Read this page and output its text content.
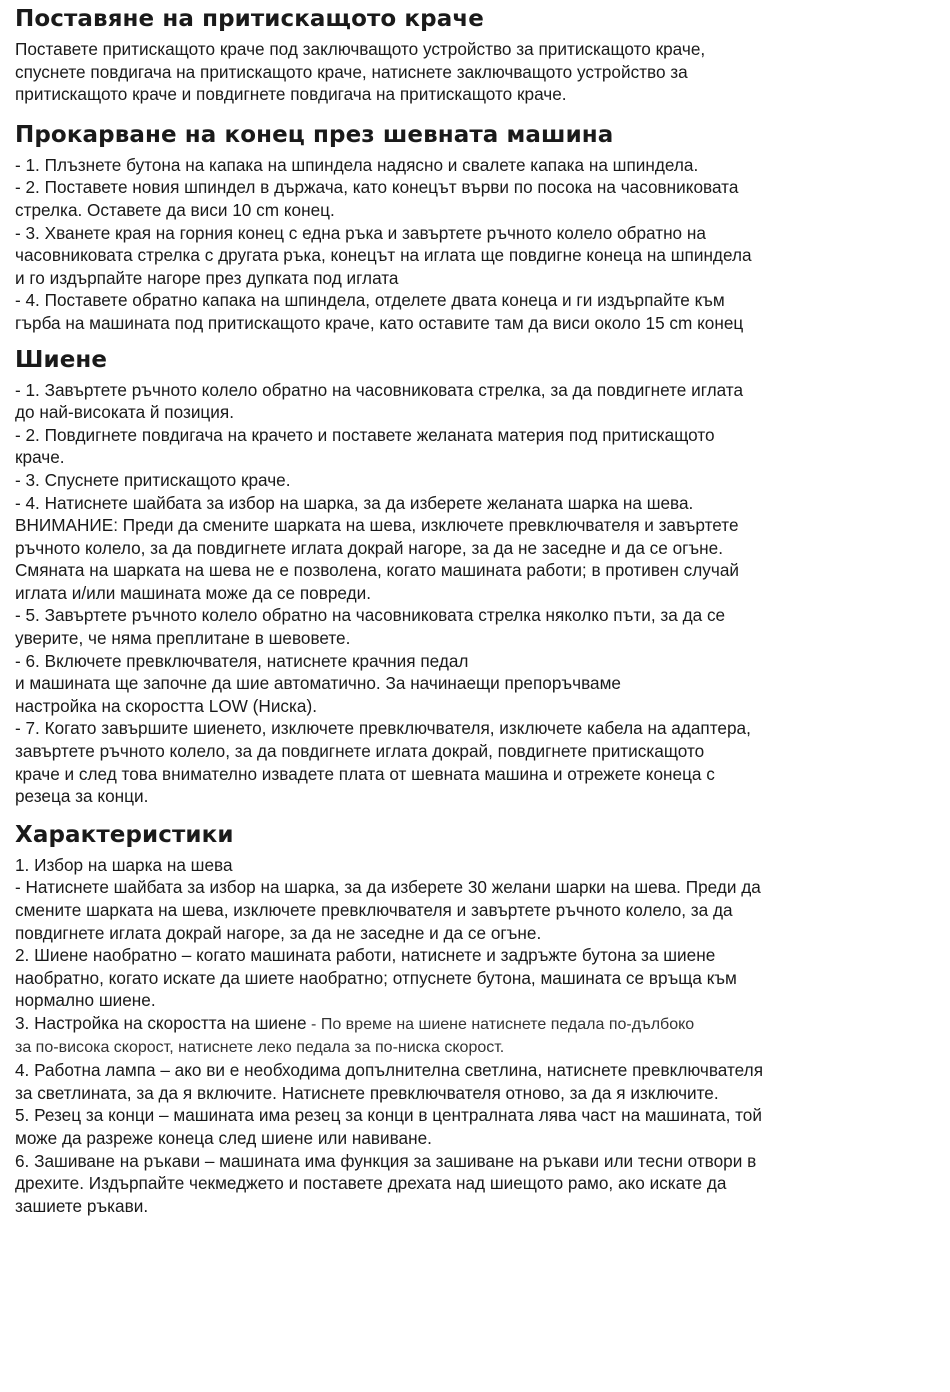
Поставяне на притискащото краче

Поставете притискащото краче под заключващото устройство за притискащото краче,

спуснете повдигача на притискащото краче, натиснете заключващото устройство за

притискащото краче и повдигнете повдигача на притискащото краче.

Прокарване на конец през шевната машина

- 1. Плъзнете бутона на капака на шпиндела надясно и свалете капака на шпиндела.

- 2. Поставете новия шпиндел в държача, като конецът върви по посока на часовниковата

стрелка. Оставете да виси 10 cm конец.

- 3. Хванете края на горния конец с една ръка и завъртете ръчното колело обратно на

часовниковата стрелка с другата ръка, конецът на иглата ще повдигне конеца на шпиндела

и го издърпайте нагоре през дупката под иглата

- 4. Поставете обратно капака на шпиндела, отделете двата конеца и ги издърпайте към

гърба на машината под притискащото краче, като оставите там да виси около 15 cm конец

Шиене

- 1. Завъртете ръчното колело обратно на часовниковата стрелка, за да повдигнете иглата

до най-високата й позиция.

- 2. Повдигнете повдигача на крачето и поставете желаната материя под притискащото

краче.

- 3. Спуснете притискащото краче.

- 4. Натиснете шайбата за избор на шарка, за да изберете желаната шарка на шева.

ВНИМАНИЕ: Преди да смените шарката на шева, изключете превключвателя и завъртете

ръчното колело, за да повдигнете иглата докрай нагоре, за да не заседне и да се огъне.

Смяната на шарката на шева не е позволена, когато машината работи; в противен случай

иглата и/или машината може да се повреди.

- 5. Завъртете ръчното колело обратно на часовниковата стрелка няколко пъти, за да се

уверите, че няма преплитане в шевовете.

- 6. Включете превключвателя, натиснете крачния педал

и машината ще започне да шие автоматично. За начинаещи препоръчваме

настройка на скоростта LOW (Ниска).

- 7. Когато завършите шиенето, изключете превключвателя, изключете кабела на адаптера,

завъртете ръчното колело, за да повдигнете иглата докрай, повдигнете притискащото

краче и след това внимателно извадете плата от шевната машина и отрежете конеца с

резеца за конци.

Характеристики

1. Избор на шарка на шева

- Натиснете шайбата за избор на шарка, за да изберете 30 желани шарки на шева. Преди да

смените шарката на шева, изключете превключвателя и завъртете ръчното колело, за да

повдигнете иглата докрай нагоре, за да не заседне и да се огъне.

2. Шиене наобратно – когато машината работи, натиснете и задръжте бутона за шиене

наобратно, когато искате да шиете наобратно; отпуснете бутона, машината се връща към

нормално шиене.

3. Настройка на скоростта на шиене - По време на шиене натиснете педала по-дълбоко

за по-висока скорост, натиснете леко педала за по-ниска скорост.

4. Работна лампа – ако ви е необходима допълнителна светлина, натиснете превключвателя

за светлината, за да я включите. Натиснете превключвателя отново, за да я изключите.

5. Резец за конци – машината има резец за конци в централната лява част на машината, той

може да разреже конеца след шиене или навиване.

6. Зашиване на ръкави – машината има функция за зашиване на ръкави или тесни отвори в

дрехите. Издърпайте чекмеджето и поставете дрехата над шиещото рамо, ако искате да

зашиете ръкави.
